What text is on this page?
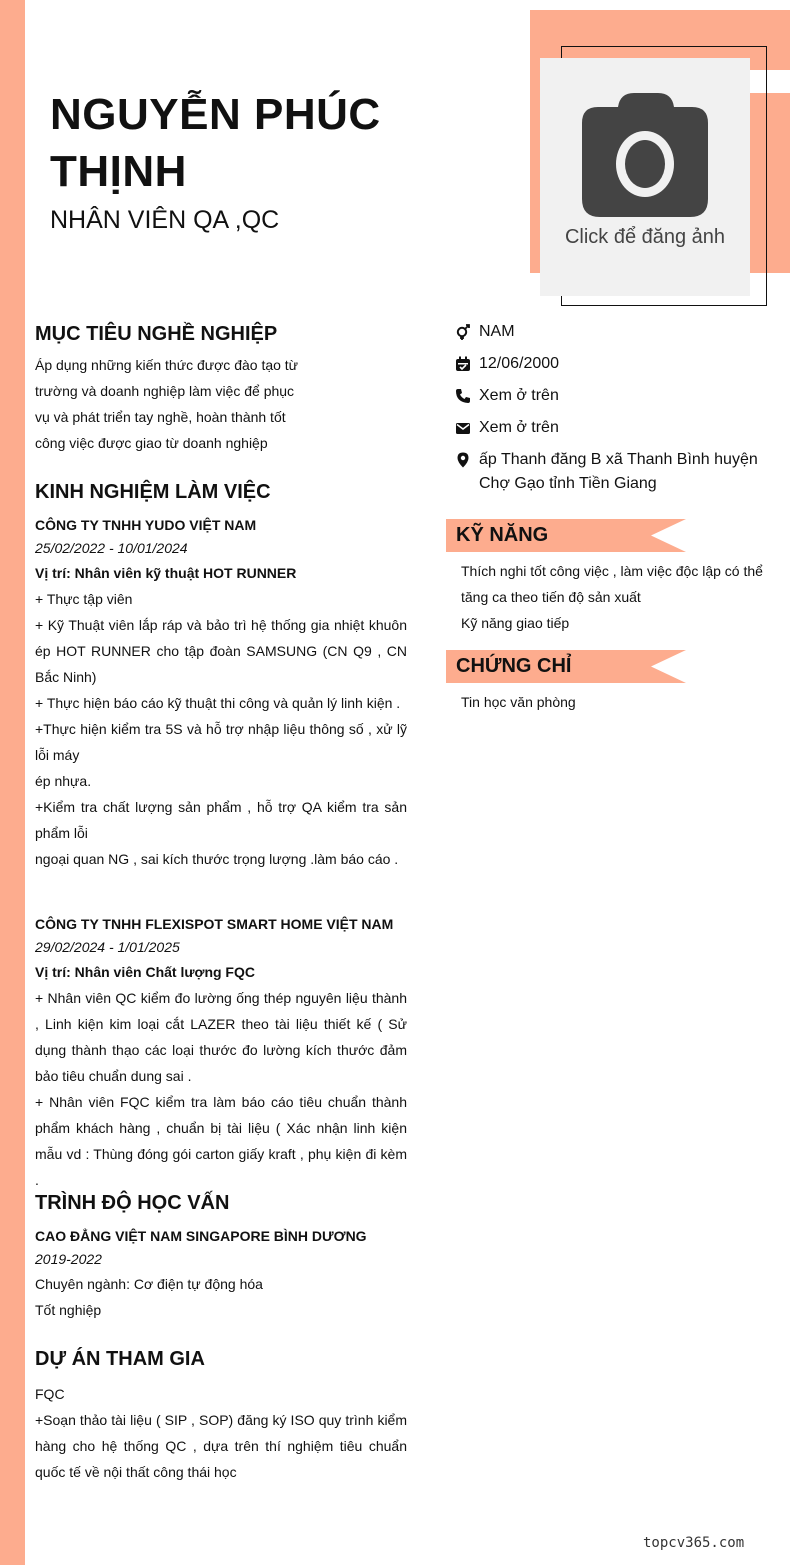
NGUYỄN PHÚC
THỊNH

NHÂN VIÊN QA ,QC

Click để đăng ảnh
MỤC TIÊU NGHỀ NGHIỆP

Áp dụng những kiến thức được đào tạo từ

trường và doanh nghiệp làm việc để phục

vụ và phát triển tay nghề, hoàn thành tốt

công việc được giao từ doanh nghiệp

KINH NGHIỆM LÀM VIỆC

CÔNG TY TNHH YUDO VIỆT NAM

25/02/2022 - 10/01/2024

Vị trí: Nhân viên kỹ thuật HOT RUNNER

+ Thực tập viên

+ Kỹ Thuật viên lắp ráp và bảo trì hệ thống gia nhiệt khuôn ép HOT RUNNER cho tập đoàn SAMSUNG (CN Q9 , CN Bắc Ninh)

+ Thực hiện báo cáo kỹ thuật thi công và quản lý linh kiện .

+Thực hiện kiểm tra 5S và hỗ trợ nhập liệu thông số , xử lỹ lỗi máy

ép nhựa.

+Kiểm tra chất lượng sản phẩm , hỗ trợ QA kiểm tra sản phẩm lỗi

ngoại quan NG , sai kích thước trọng lượng .làm báo cáo .

CÔNG TY TNHH FLEXISPOT SMART HOME VIỆT NAM

29/02/2024 - 1/01/2025

Vị trí: Nhân viên Chất lượng FQC

+ Nhân viên QC kiểm đo lường ống thép nguyên liệu thành , Linh kiện kim loại cắt LAZER theo tài liệu thiết kế ( Sử dụng thành thạo các loại thước đo lường kích thước đảm bảo tiêu chuẩn dung sai .

+ Nhân viên FQC kiểm tra làm báo cáo tiêu chuẩn thành phẩm khách hàng , chuẩn bị tài liệu ( Xác nhận linh kiện mẫu vd : Thùng đóng gói carton giấy kraft , phụ kiện đi kèm .

TRÌNH ĐỘ HỌC VẤN

CAO ĐẲNG VIỆT NAM SINGAPORE BÌNH DƯƠNG

2019-2022

Chuyên ngành: Cơ điện tự động hóa

Tốt nghiệp

DỰ ÁN THAM GIA

FQC

+Soạn thảo tài liệu ( SIP , SOP) đăng ký ISO quy trình kiểm hàng cho hệ thống QC , dựa trên thí nghiệm tiêu chuẩn quốc tế về nội thất công thái học

NAM
12/06/2000
Xem ở trên
Xem ở trên
ấp Thanh đăng B xã Thanh Bình huyện Chợ Gạo tỉnh Tiền Giang
KỸ NĂNG

Thích nghi tốt công việc , làm việc độc lập có thể tăng ca theo tiến độ sản xuất

Kỹ năng giao tiếp

CHỨNG CHỈ

Tin học văn phòng

topcv365.com
